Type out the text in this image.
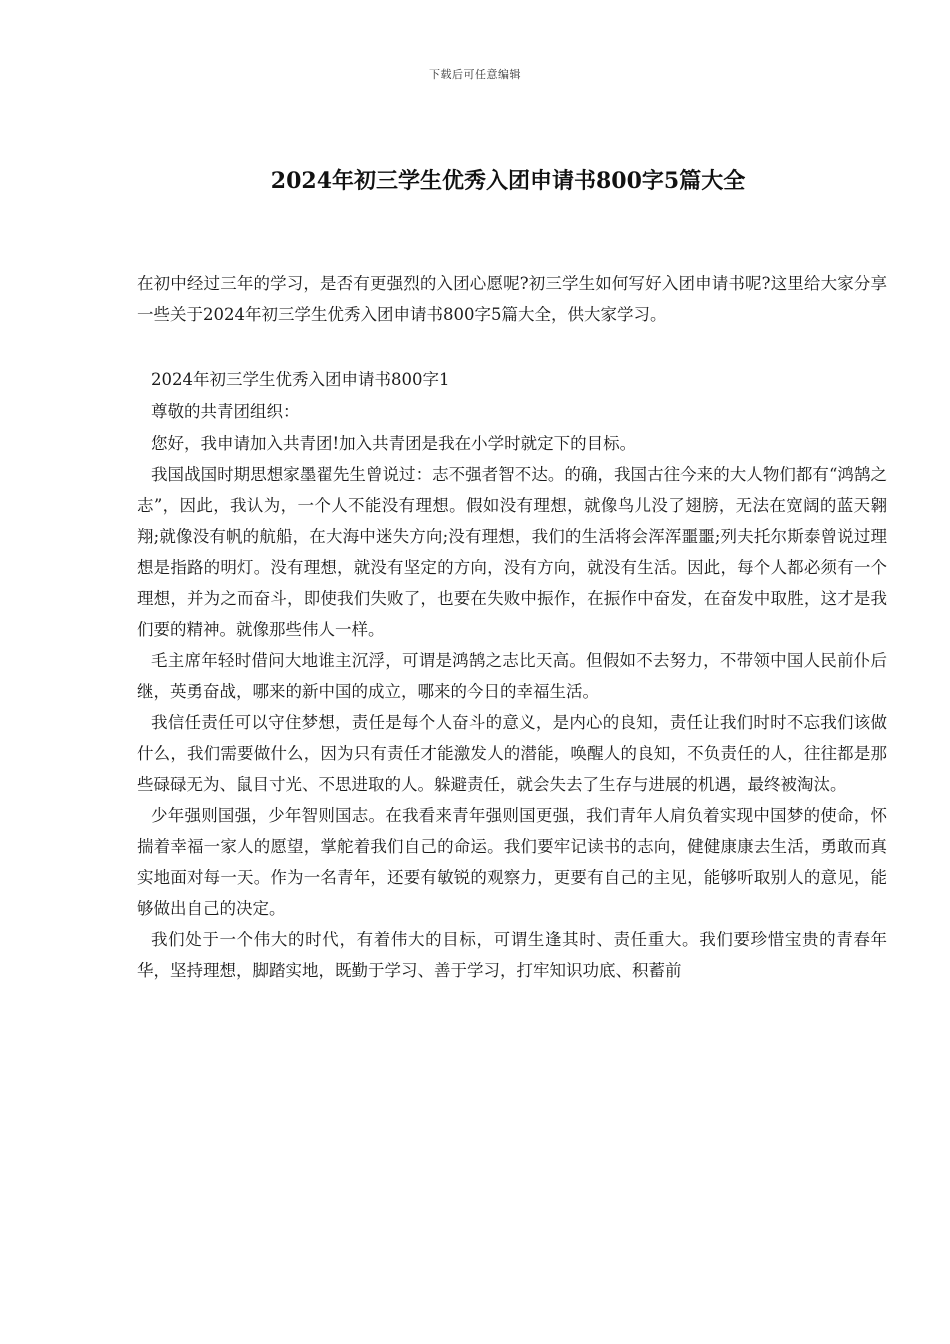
下载后可任意编辑
2024年初三学生优秀入团申请书800字5篇大全
在初中经过三年的学习，是否有更强烈的入团心愿呢?初三学生如何写好入团申请书呢?这里给大家分享一些关于2024年初三学生优秀入团申请书800字5篇大全，供大家学习。

2024年初三学生优秀入团申请书800字1

尊敬的共青团组织：

您好，我申请加入共青团!加入共青团是我在小学时就定下的目标。

我国战国时期思想家墨翟先生曾说过：志不强者智不达。的确，我国古往今来的大人物们都有“鸿鹄之志”，因此，我认为，一个人不能没有理想。假如没有理想，就像鸟儿没了翅膀，无法在宽阔的蓝天翱翔;就像没有帆的航船，在大海中迷失方向;没有理想，我们的生活将会浑浑噩噩;列夫托尔斯泰曾说过理想是指路的明灯。没有理想，就没有坚定的方向，没有方向，就没有生活。因此，每个人都必须有一个理想，并为之而奋斗，即使我们失败了，也要在失败中振作，在振作中奋发，在奋发中取胜，这才是我们要的精神。就像那些伟人一样。

毛主席年轻时借问大地谁主沉浮，可谓是鸿鹄之志比天高。但假如不去努力，不带领中国人民前仆后继，英勇奋战，哪来的新中国的成立，哪来的今日的幸福生活。

我信任责任可以守住梦想，责任是每个人奋斗的意义，是内心的良知，责任让我们时时不忘我们该做什么，我们需要做什么，因为只有责任才能激发人的潜能，唤醒人的良知，不负责任的人，往往都是那些碌碌无为、鼠目寸光、不思进取的人。躲避责任，就会失去了生存与进展的机遇，最终被淘汰。

少年强则国强，少年智则国志。在我看来青年强则国更强，我们青年人肩负着实现中国梦的使命，怀揣着幸福一家人的愿望，掌舵着我们自己的命运。我们要牢记读书的志向，健健康康去生活，勇敢而真实地面对每一天。作为一名青年，还要有敏锐的观察力，更要有自己的主见，能够听取别人的意见，能够做出自己的决定。

我们处于一个伟大的时代，有着伟大的目标，可谓生逢其时、责任重大。我们要珍惜宝贵的青春年华，坚持理想，脚踏实地，既勤于学习、善于学习，打牢知识功底、积蓄前
